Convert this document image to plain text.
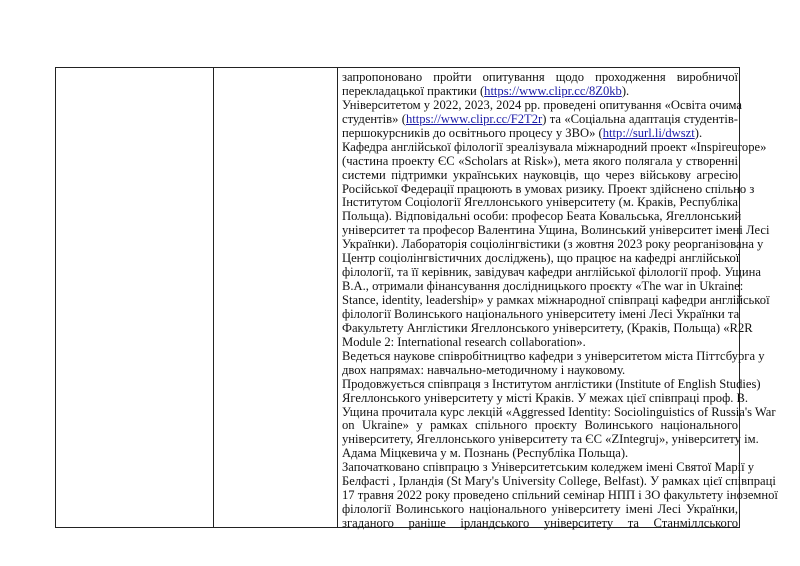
запропоновано пройти опитування щодо проходження виробничої
перекладацької практики (https://www.clipr.cc/8Z0kb).
Університетом у 2022, 2023, 2024 рр. проведені опитування «Освіта очима
студентів» (https://www.clipr.cc/F2T2r) та «Соціальна адаптація студентів-
першокурсників до освітнього процесу у ЗВО» (http://surl.li/dwszt).
Кафедра англійської філології зреалізувала міжнародний проект «Inspireurope»
(частина проекту ЄС «Scholars at Risk»), мета якого полягала у створенні
системи підтримки українських науковців, що через військову агресію
Російської Федерації працюють в умовах ризику. Проект здійснено спільно з
Інститутом Соціології Ягеллонського університету (м. Краків, Республіка
Польща). Відповідальні особи: професор Беата Ковальська, Ягеллонський
університет та професор Валентина Ущина, Волинський університет імені Лесі
Українки). Лабораторія соціолінгвістики (з жовтня 2023 року реорганізована у
Центр соціолінгвістичних досліджень), що працює на кафедрі англійської
філології, та її керівник, завідувач кафедри англійської філології проф. Ущина
В.А., отримали фінансування дослідницького проєкту «The war in Ukraine:
Stance, identity, leadership» у рамках міжнародної співпраці кафедри англійської
філології Волинського національного університету імені Лесі Українки та
Факультету Англістики Ягеллонського університету, (Краків, Польща) «R2R
Module 2: International research collaboration».
Ведеться наукове співробітництво кафедри з університетом міста Піттсбурга у
двох напрямах: навчально-методичному і науковому.
Продовжується співпраця з Інститутом англістики (Institute of English Studies)
Ягеллонського університету у місті Краків. У межах цієї співпраці проф. В.
Ущина прочитала курс лекцій «Aggressed Identity: Sociolinguistics of Russia's War
on Ukraine» у рамках спільного проєкту Волинського національного
університету, Ягеллонського університету та ЄС «ZIntegruj», університету ім.
Адама Міцкевича у м. Познань (Республіка Польща).
Започатковано співпрацю з Університетським коледжем імені Святої Марії у
Белфасті , Ірландія (St Mary's University College, Belfast). У рамках цієї співпраці
17 травня 2022 року проведено спільний семінар НПП і ЗО факультету іноземної
філології Волинського національного університету імені Лесі Українки,
згаданого раніше ірландського університету та Станміллського
